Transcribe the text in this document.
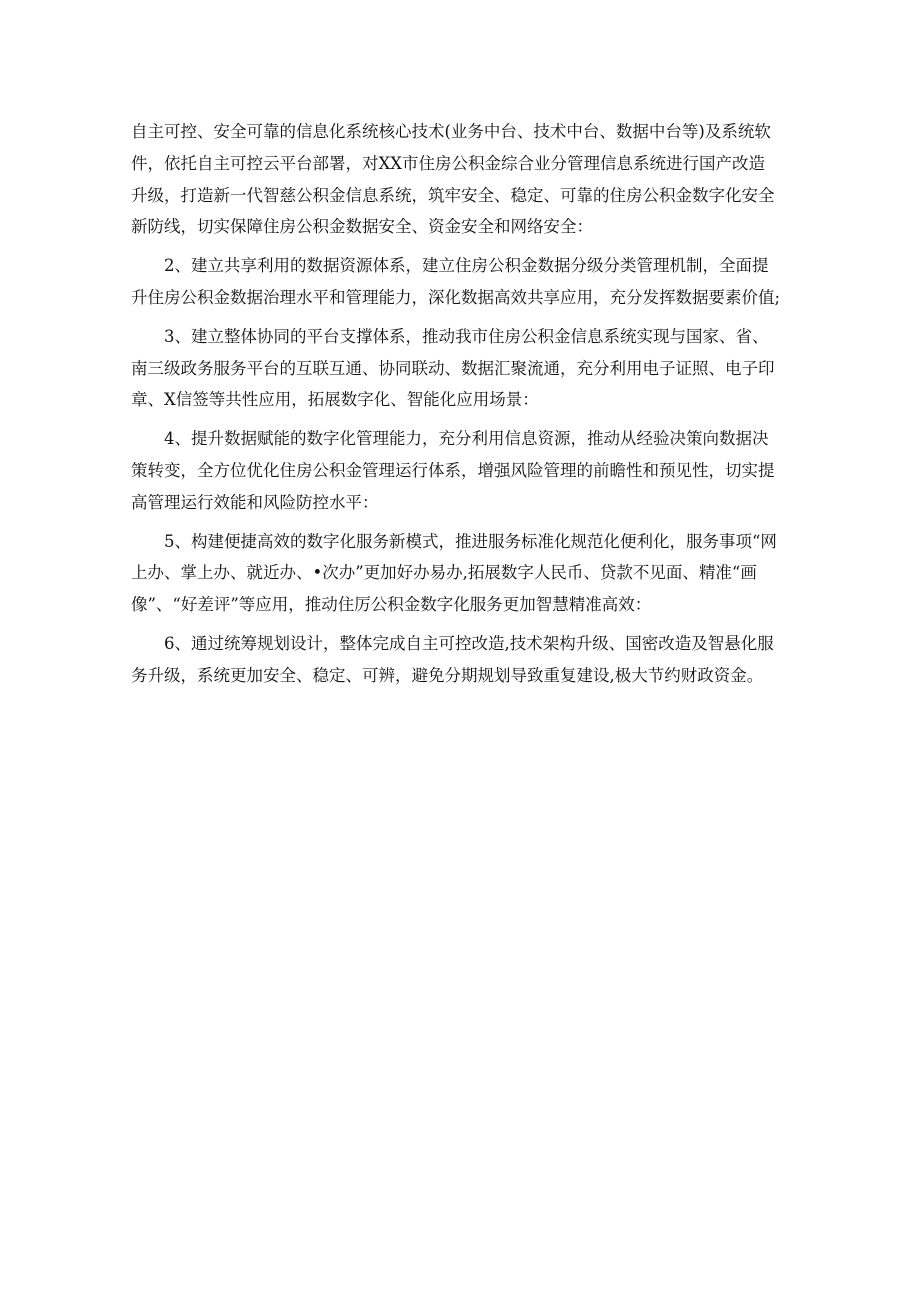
自主可控、安全可靠的信息化系统核心技术(业务中台、技术中台、数据中台等)及系统软
件，依托自主可控云平台部署，对XX市住房公积金综合业分管理信息系统进行国产改造
升级，打造新一代智慈公积金信息系统，筑牢安全、稳定、可靠的住房公积金数字化安全
新防线，切实保障住房公积金数据安全、资金安全和网络安全：
2、建立共享利用的数据资源体系，建立住房公积金数据分级分类管理机制，全面提
升住房公积金数据治理水平和管理能力，深化数据高效共享应用，充分发挥数据要素价值;
3、建立整体协同的平台支撑体系，推动我市住房公积金信息系统实现与国家、省、
南三级政务服务平台的互联互通、协同联动、数据汇聚流通，充分利用电子证照、电子印
章、X信签等共性应用，拓展数字化、智能化应用场景：
4、提升数据赋能的数字化管理能力，充分利用信息资源，推动从经验决策向数据决
策转变，全方位优化住房公积金管理运行体系，增强风险管理的前瞻性和预见性，切实提
高管理运行效能和风险防控水平：
5、构建便捷高效的数字化服务新模式，推进服务标准化规范化便利化，服务事项“网
上办、掌上办、就近办、•次办”更加好办易办,拓展数字人民币、贷款不见面、精准“画
像”、“好差评”等应用，推动住厉公积金数字化服务更加智慧精准高效：
6、通过统筹规划设计，整体完成自主可控改造,技术架构升级、国密改造及智悬化服
务升级，系统更加安全、稳定、可辨，避免分期规划导致重复建设,极大节约财政资金。
